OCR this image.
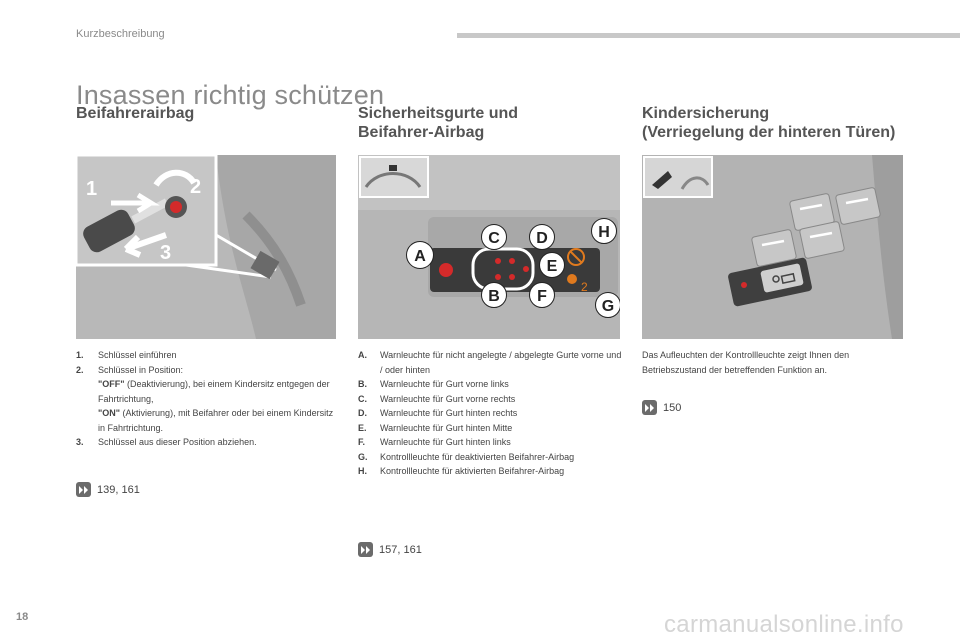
Kurzbeschreibung
Insassen richtig schützen
Beifahrerairbag
1	2
3
1. Schlüssel einführen
2. Schlüssel in Position:
"OFF" (Deaktivierung), bei einem Kindersitz entgegen der Fahrtrichtung,
"ON" (Aktivierung), mit Beifahrer oder bei einem Kindersitz in Fahrtrichtung.
3. Schlüssel aus dieser Position abziehen.
139, 161
Sicherheitsgurte und
Beifahrer-Airbag
2
A
C D
E
B F
H
G
A. Warnleuchte für nicht angelegte / abgelegte Gurte vorne und / oder hinten
B. Warnleuchte für Gurt vorne links
C. Warnleuchte für Gurt vorne rechts
D. Warnleuchte für Gurt hinten rechts
E. Warnleuchte für Gurt hinten Mitte
F. Warnleuchte für Gurt hinten links
G. Kontrollleuchte für deaktivierten Beifahrer-Airbag
H. Kontrollleuchte für aktivierten Beifahrer-Airbag
157, 161
Kindersicherung
(Verriegelung der hinteren Türen)
Das Aufleuchten der Kontrollleuchte zeigt Ihnen den Betriebszustand der betreffenden Funktion an.
150
18	carmanualsonline.info
